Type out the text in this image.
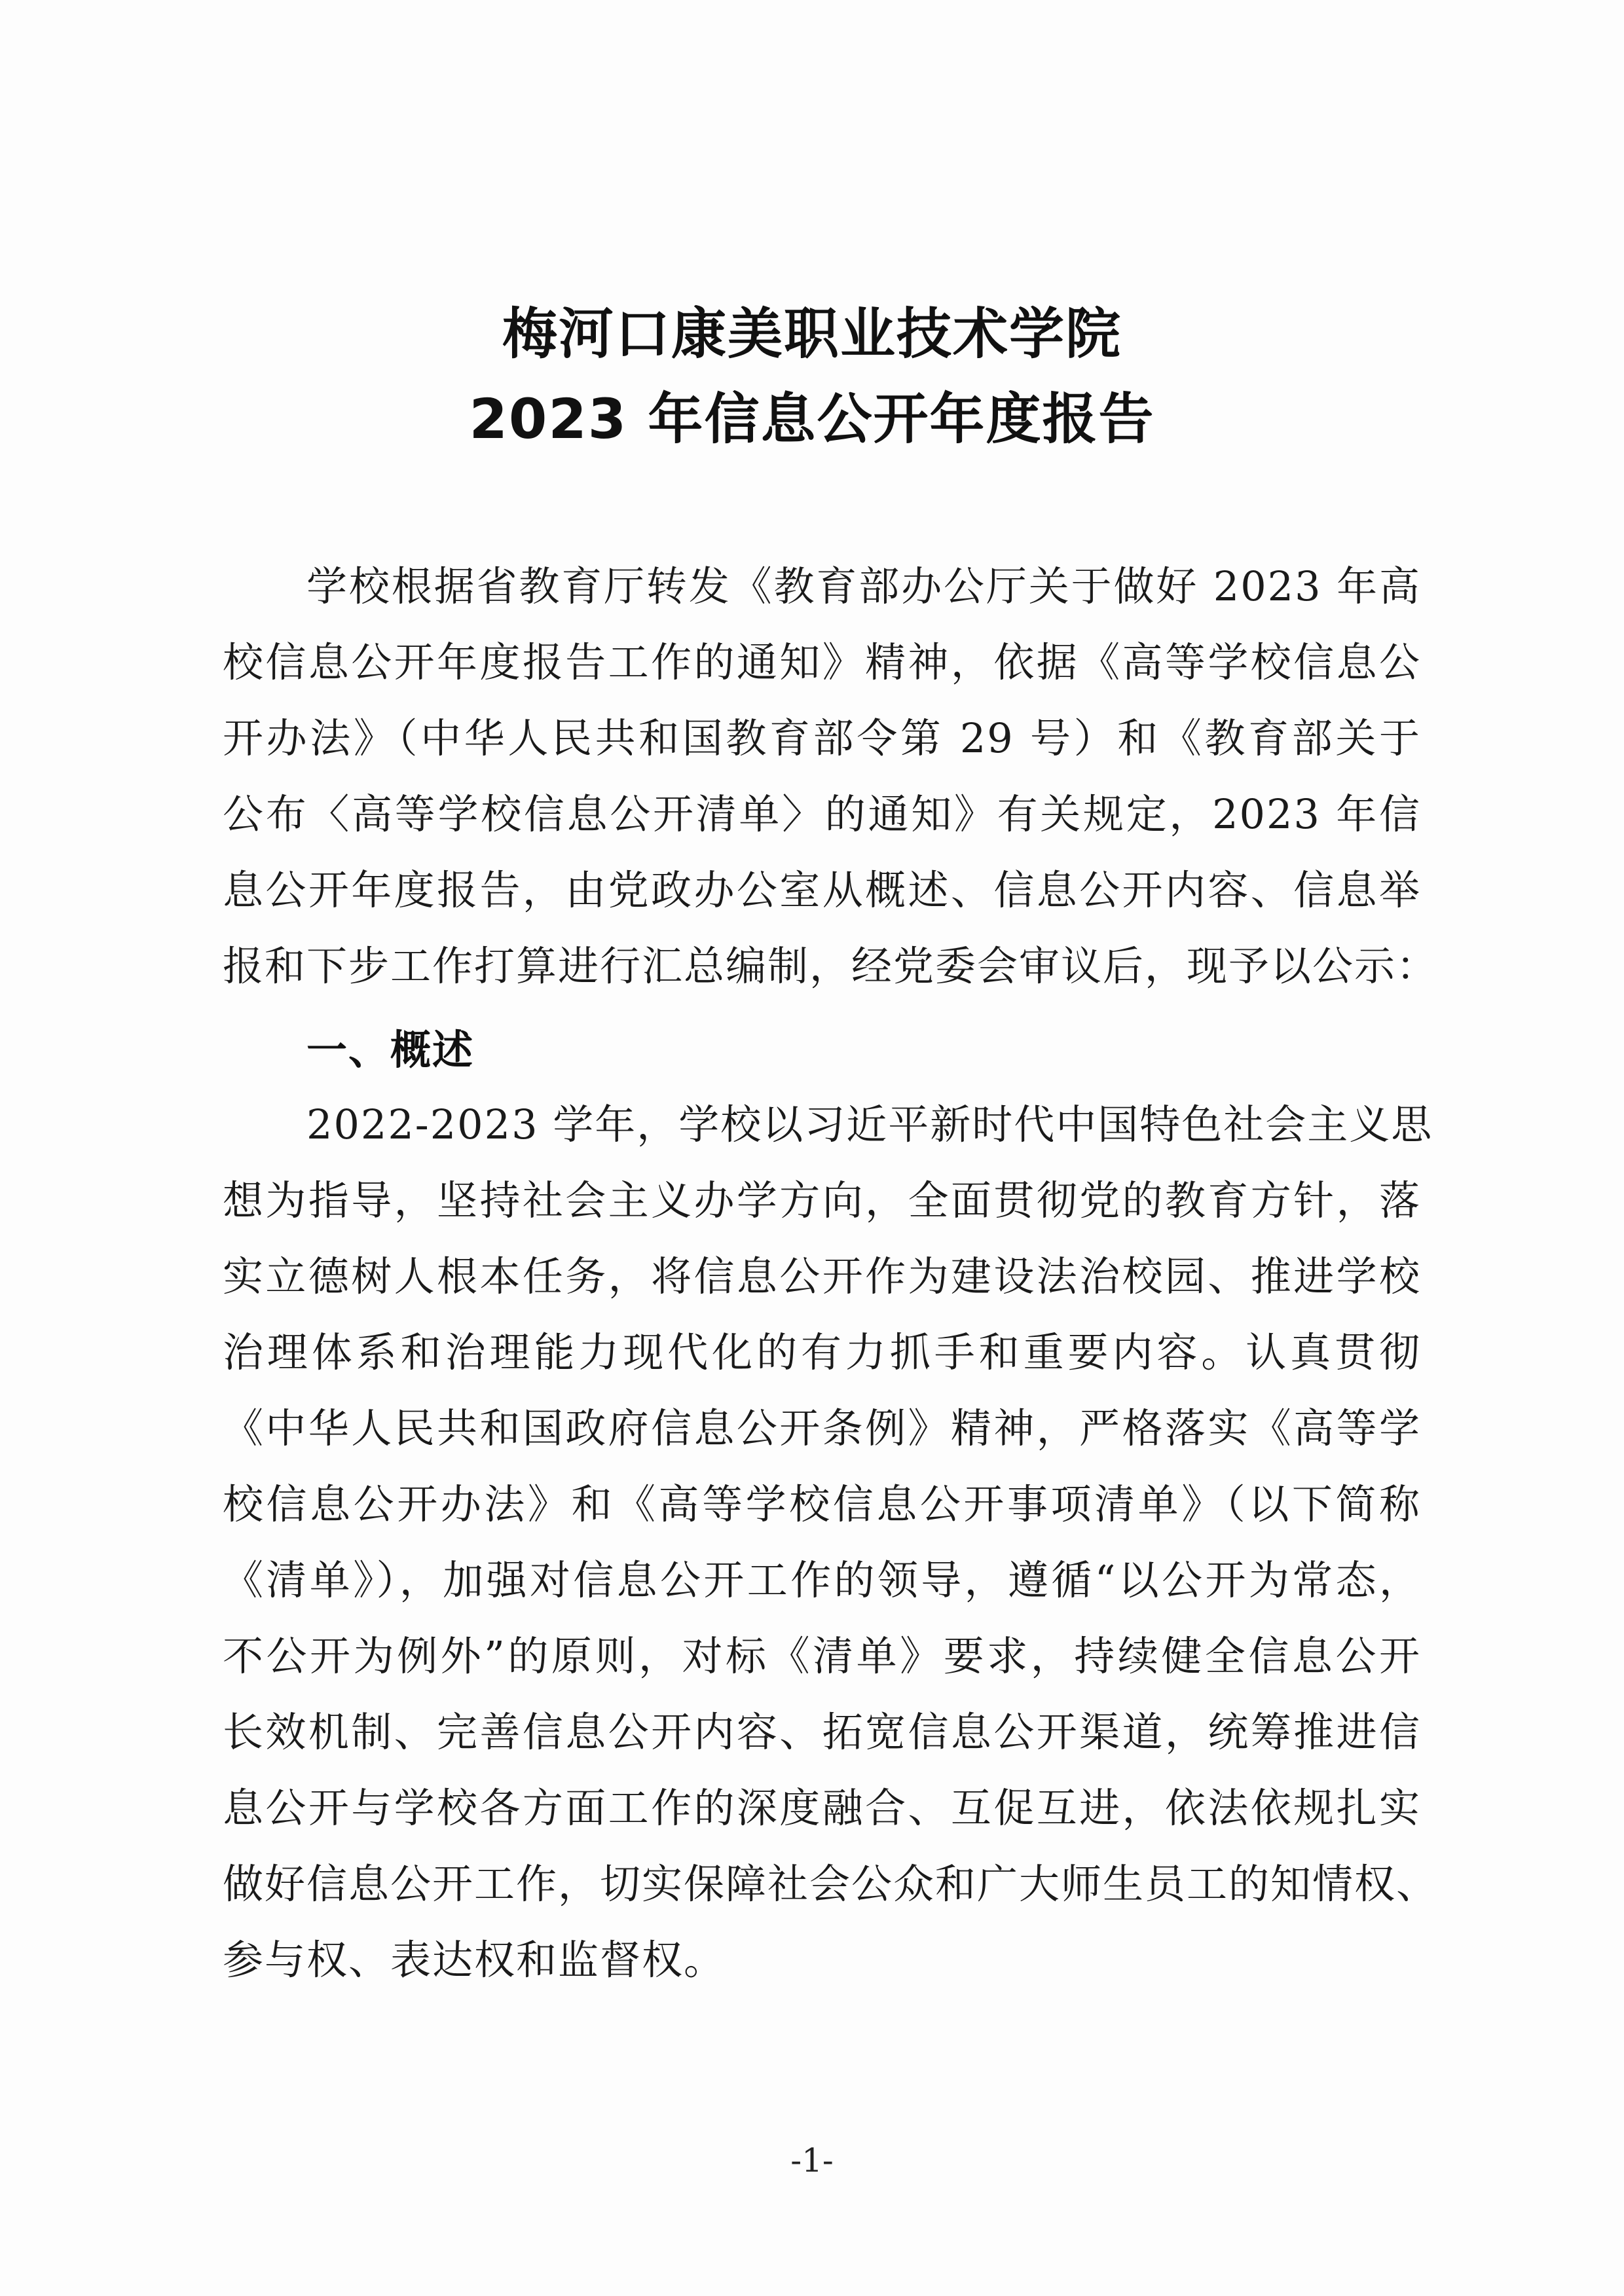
梅河口康美职业技术学院
2023 年信息公开年度报告
学校根据省教育厅转发《教育部办公厅关于做好 2023 年高
校信息公开年度报告工作的通知》精神，依据《高等学校信息公
开办法》（中华人民共和国教育部令第 29 号）和《教育部关于
公布〈高等学校信息公开清单〉的通知》有关规定，2023 年信
息公开年度报告，由党政办公室从概述、信息公开内容、信息举
报和下步工作打算进行汇总编制，经党委会审议后，现予以公示：
一、概述
2022-2023 学年，学校以习近平新时代中国特色社会主义思
想为指导，坚持社会主义办学方向，全面贯彻党的教育方针，落
实立德树人根本任务，将信息公开作为建设法治校园、推进学校
治理体系和治理能力现代化的有力抓手和重要内容。认真贯彻
《中华人民共和国政府信息公开条例》精神，严格落实《高等学
校信息公开办法》和《高等学校信息公开事项清单》（以下简称
《清单》），加强对信息公开工作的领导，遵循“以公开为常态，
不公开为例外”的原则，对标《清单》要求，持续健全信息公开
长效机制、完善信息公开内容、拓宽信息公开渠道，统筹推进信
息公开与学校各方面工作的深度融合、互促互进，依法依规扎实
做好信息公开工作，切实保障社会公众和广大师生员工的知情权、
参与权、表达权和监督权。
-1-
